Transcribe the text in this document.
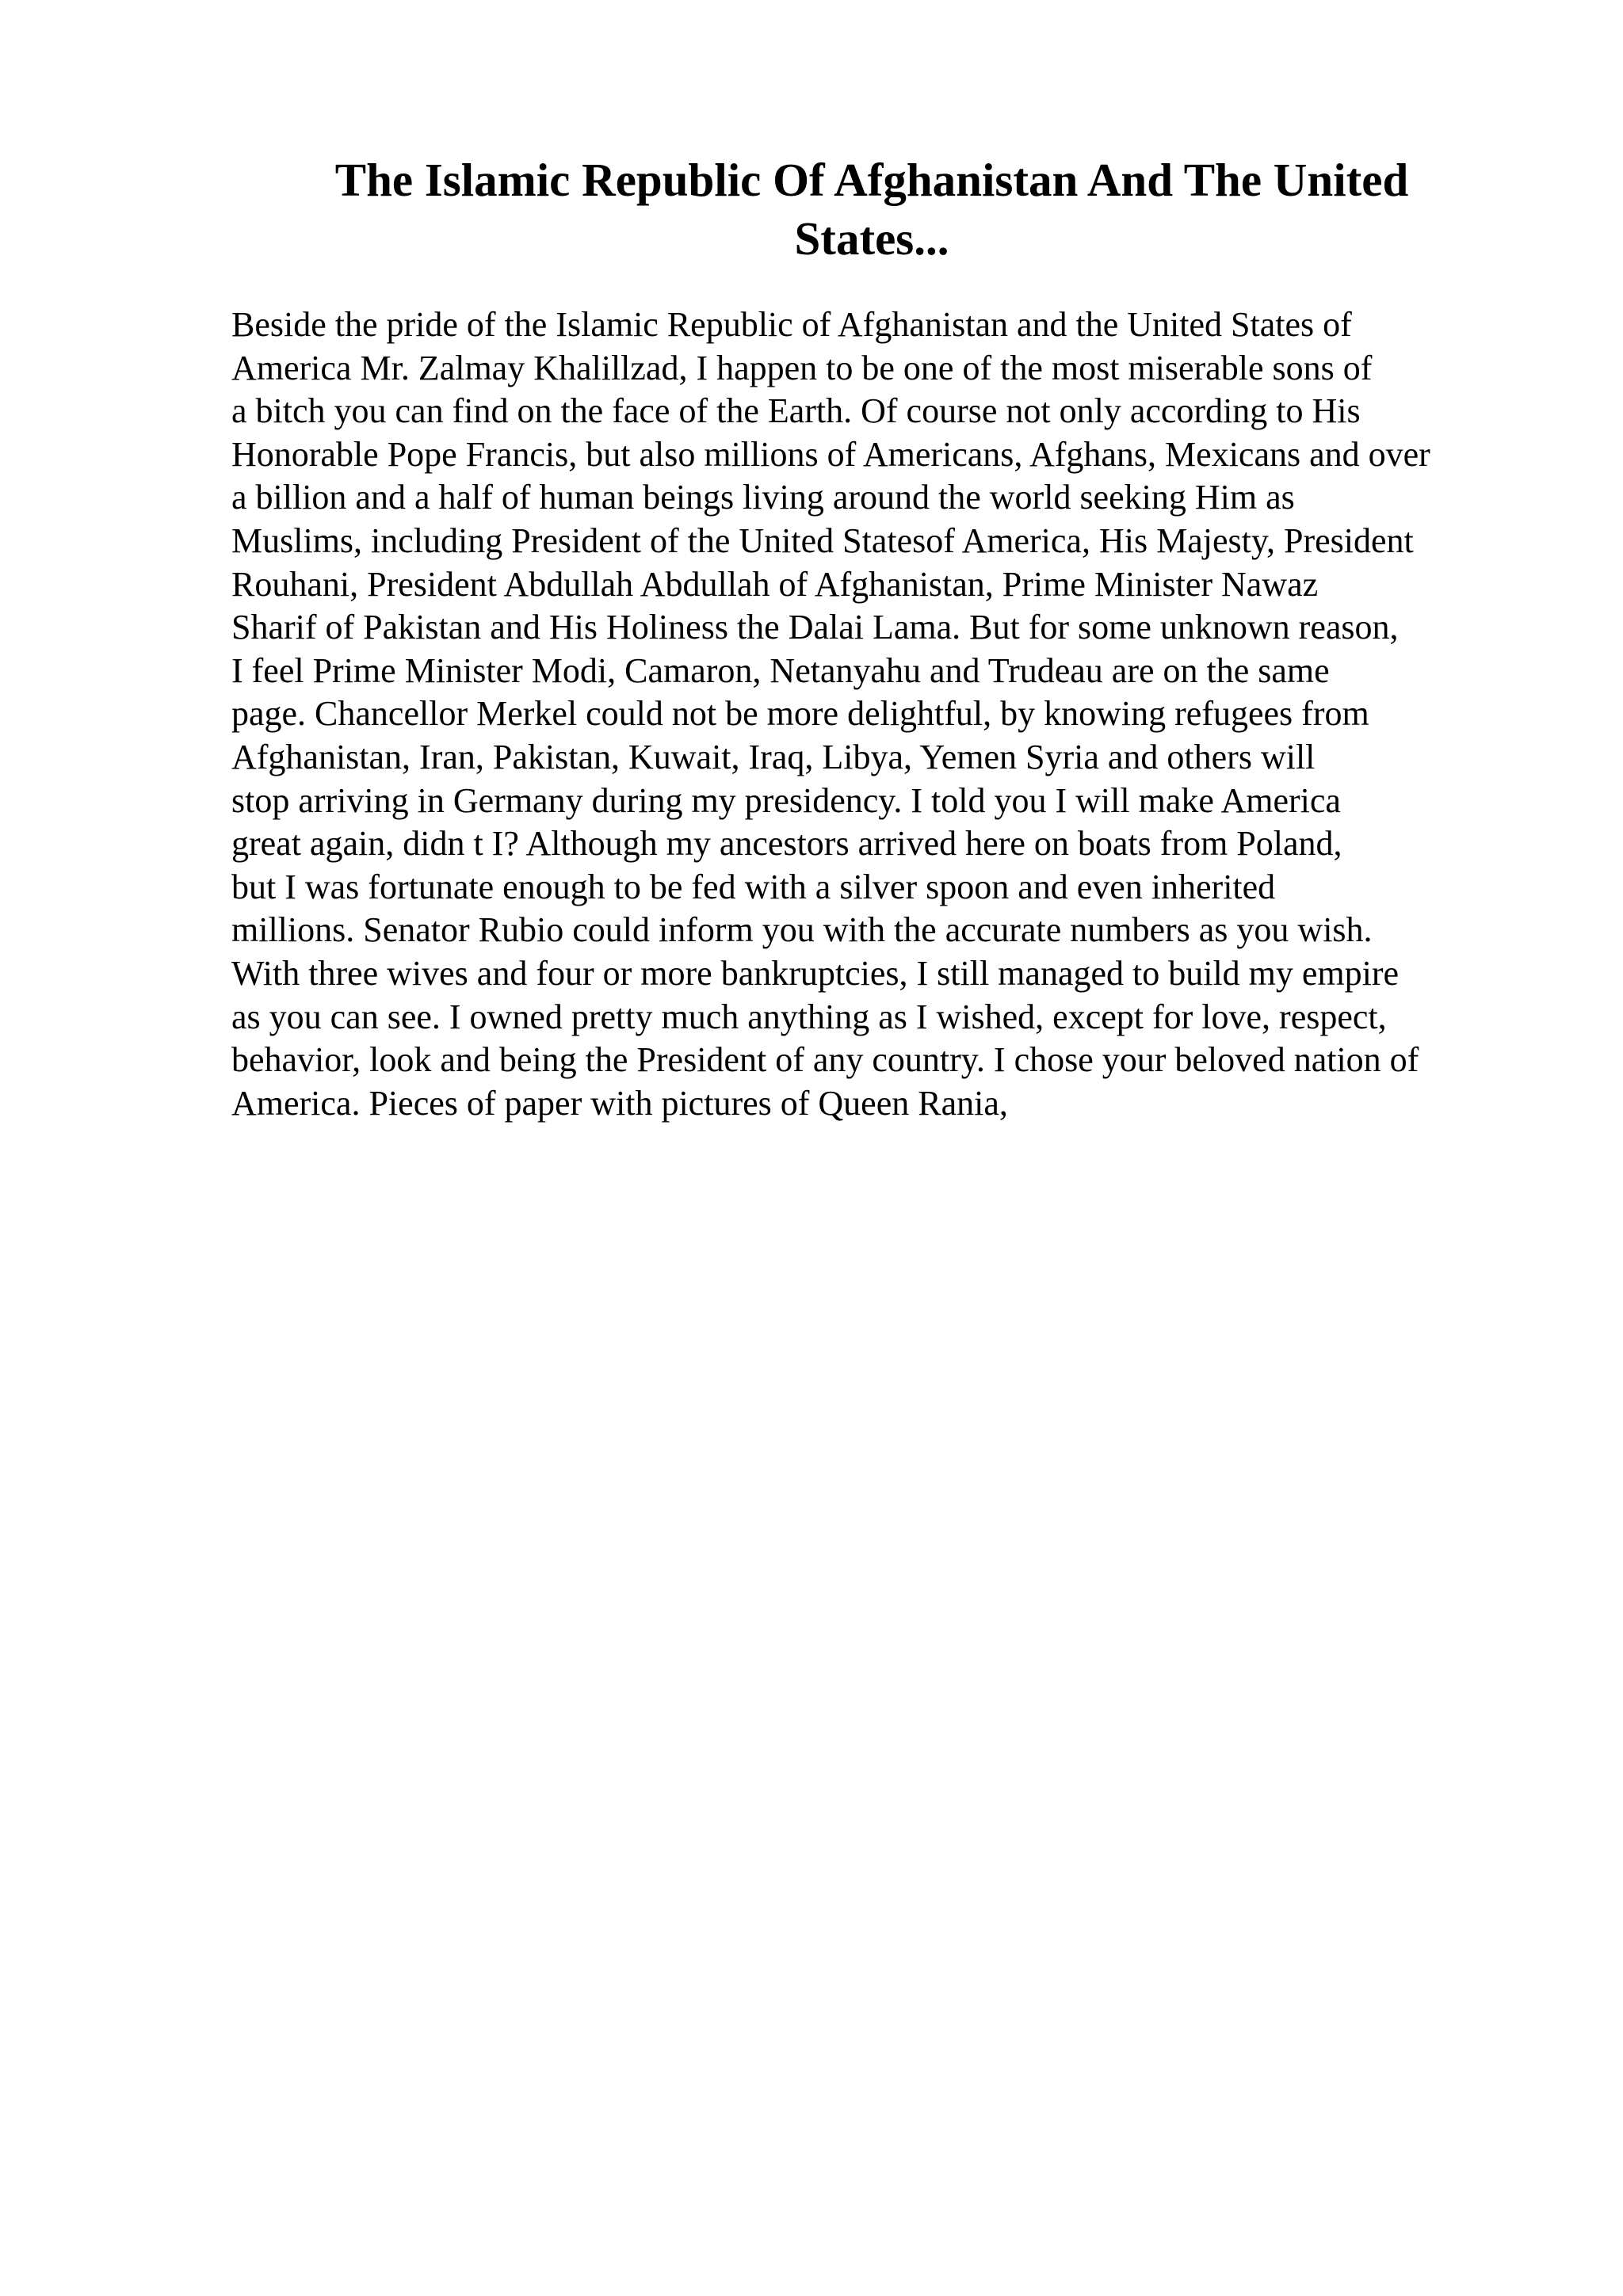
The Islamic Republic Of Afghanistan And The United States...
Beside the pride of the Islamic Republic of Afghanistan and the United States of
America Mr. Zalmay Khalillzad, I happen to be one of the most miserable sons of
a bitch you can find on the face of the Earth. Of course not only according to His
Honorable Pope Francis, but also millions of Americans, Afghans, Mexicans and over
a billion and a half of human beings living around the world seeking Him as
Muslims, including President of the United Statesof America, His Majesty, President
Rouhani, President Abdullah Abdullah of Afghanistan, Prime Minister Nawaz
Sharif of Pakistan and His Holiness the Dalai Lama. But for some unknown reason,
I feel Prime Minister Modi, Camaron, Netanyahu and Trudeau are on the same
page. Chancellor Merkel could not be more delightful, by knowing refugees from
Afghanistan, Iran, Pakistan, Kuwait, Iraq, Libya, Yemen Syria and others will
stop arriving in Germany during my presidency. I told you I will make America
great again, didn t I? Although my ancestors arrived here on boats from Poland,
but I was fortunate enough to be fed with a silver spoon and even inherited
millions. Senator Rubio could inform you with the accurate numbers as you wish.
With three wives and four or more bankruptcies, I still managed to build my empire
as you can see. I owned pretty much anything as I wished, except for love, respect,
behavior, look and being the President of any country. I chose your beloved nation of
America. Pieces of paper with pictures of Queen Rania,
